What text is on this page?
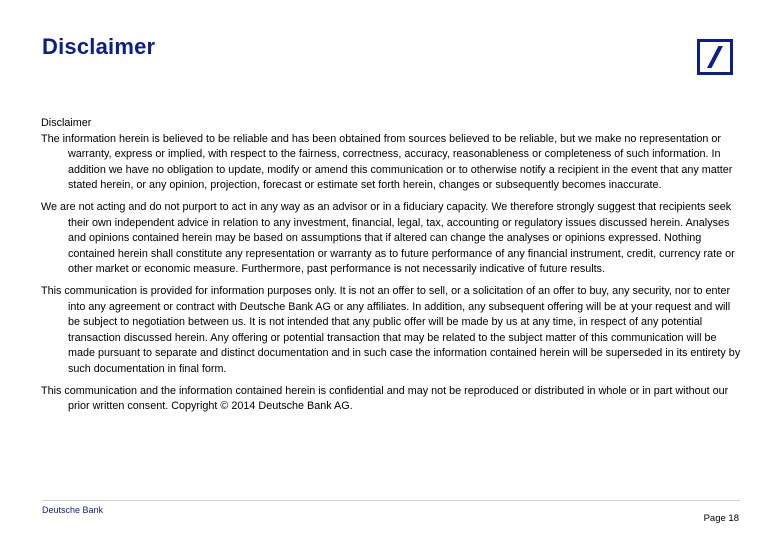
Disclaimer
Disclaimer

The information herein is believed to be reliable and has been obtained from sources believed to be reliable, but we make no representation or warranty, express or implied, with respect to the fairness, correctness, accuracy, reasonableness or completeness of such information. In addition we have no obligation to update, modify or amend this communication or to otherwise notify a recipient in the event that any matter stated herein, or any opinion, projection, forecast or estimate set forth herein, changes or subsequently becomes inaccurate.

We are not acting and do not purport to act in any way as an advisor or in a fiduciary capacity. We therefore strongly suggest that recipients seek their own independent advice in relation to any investment, financial, legal, tax, accounting or regulatory issues discussed herein. Analyses and opinions contained herein may be based on assumptions that if altered can change the analyses or opinions expressed. Nothing contained herein shall constitute any representation or warranty as to future performance of any financial instrument, credit, currency rate or other market or economic measure. Furthermore, past performance is not necessarily indicative of future results.

This communication is provided for information purposes only. It is not an offer to sell, or a solicitation of an offer to buy, any security, nor to enter into any agreement or contract with Deutsche Bank AG or any affiliates. In addition, any subsequent offering will be at your request and will be subject to negotiation between us. It is not intended that any public offer will be made by us at any time, in respect of any potential transaction discussed herein. Any offering or potential transaction that may be related to the subject matter of this communication will be made pursuant to separate and distinct documentation and in such case the information contained herein will be superseded in its entirety by such documentation in final form.

This communication and the information contained herein is confidential and may not be reproduced or distributed in whole or in part without our prior written consent. Copyright © 2014 Deutsche Bank AG.

Deutsche Bank
Page 18
